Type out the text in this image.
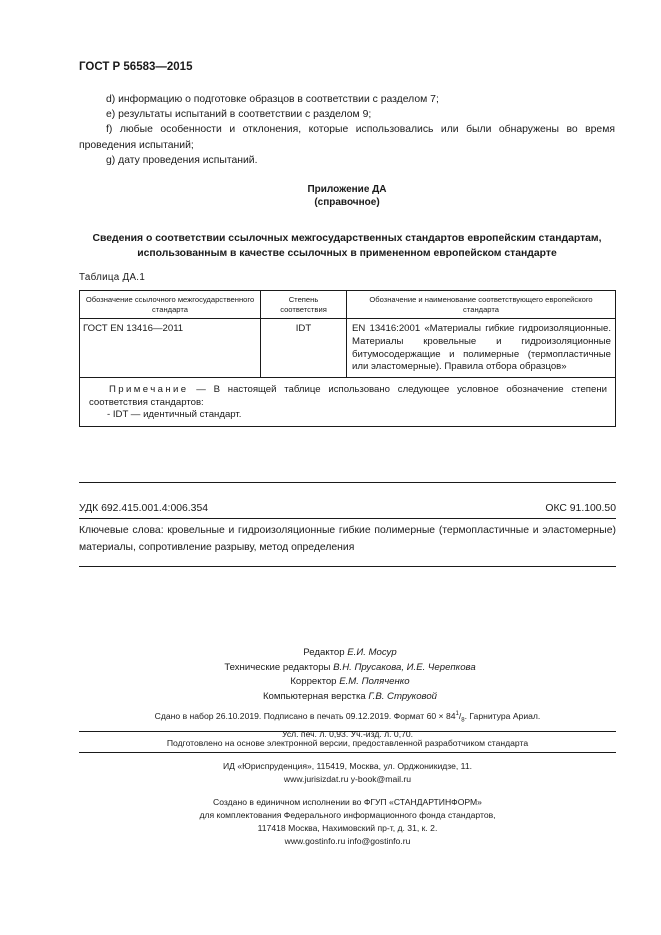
ГОСТ Р 56583—2015

d) информацию о подготовке образцов в соответствии с разделом 7;

e) результаты испытаний в соответствии с разделом 9;

f) любые особенности и отклонения, которые использовались или были обнаружены во время проведения испытаний;

g) дату проведения испытаний.

Приложение ДА
(справочное)
Сведения о соответствии ссылочных межгосударственных стандартов европейским стандартам, использованным в качестве ссылочных в примененном европейском стандарте
Таблица ДА.1
Обозначение ссылочного межгосударственного стандарта	Степень соответствия	Обозначение и наименование соответствующего европейского стандарта

ГОСТ EN 13416—2011	IDT	EN 13416:2001 «Материалы гибкие гидроизоляционные. Материалы кровельные и гидроизоляционные битумосодержащие и полимерные (термопластичные или эластомерные). Правила отбора образцов»

Примечание — В настоящей таблице использовано следующее условное обозначение степени соответствия стандартов:
- IDT — идентичный стандарт.		
УДК 692.415.001.4:006.354	ОКС 91.100.50

Ключевые слова: кровельные и гидроизоляционные гибкие полимерные (термопластичные и эластомерные) материалы, сопротивление разрыву, метод определения

Редактор Е.И. Мосур

Технические редакторы В.Н. Прусакова, И.Е. Черепкова

Корректор Е.М. Поляченко

Компьютерная верстка Г.В. Струковой

Сдано в набор 26.10.2019. Подписано в печать 09.12.2019. Формат $60 \times 84^1/_8$. Гарнитура Ариал.

Усл. печ. л. 0,93. Уч.-изд. л. 0,70.

Подготовлено на основе электронной версии, предоставленной разработчиком стандарта

ИД «Юриспруденция», 115419, Москва, ул. Орджоникидзе, 11.

www.jurisizdat.ru y-book@mail.ru

Создано в единичном исполнении во ФГУП «СТАНДАРТИНФОРМ»

для комплектования Федерального информационного фонда стандартов,

117418 Москва, Нахимовский пр-т, д. 31, к. 2.

www.gostinfo.ru info@gostinfo.ru
